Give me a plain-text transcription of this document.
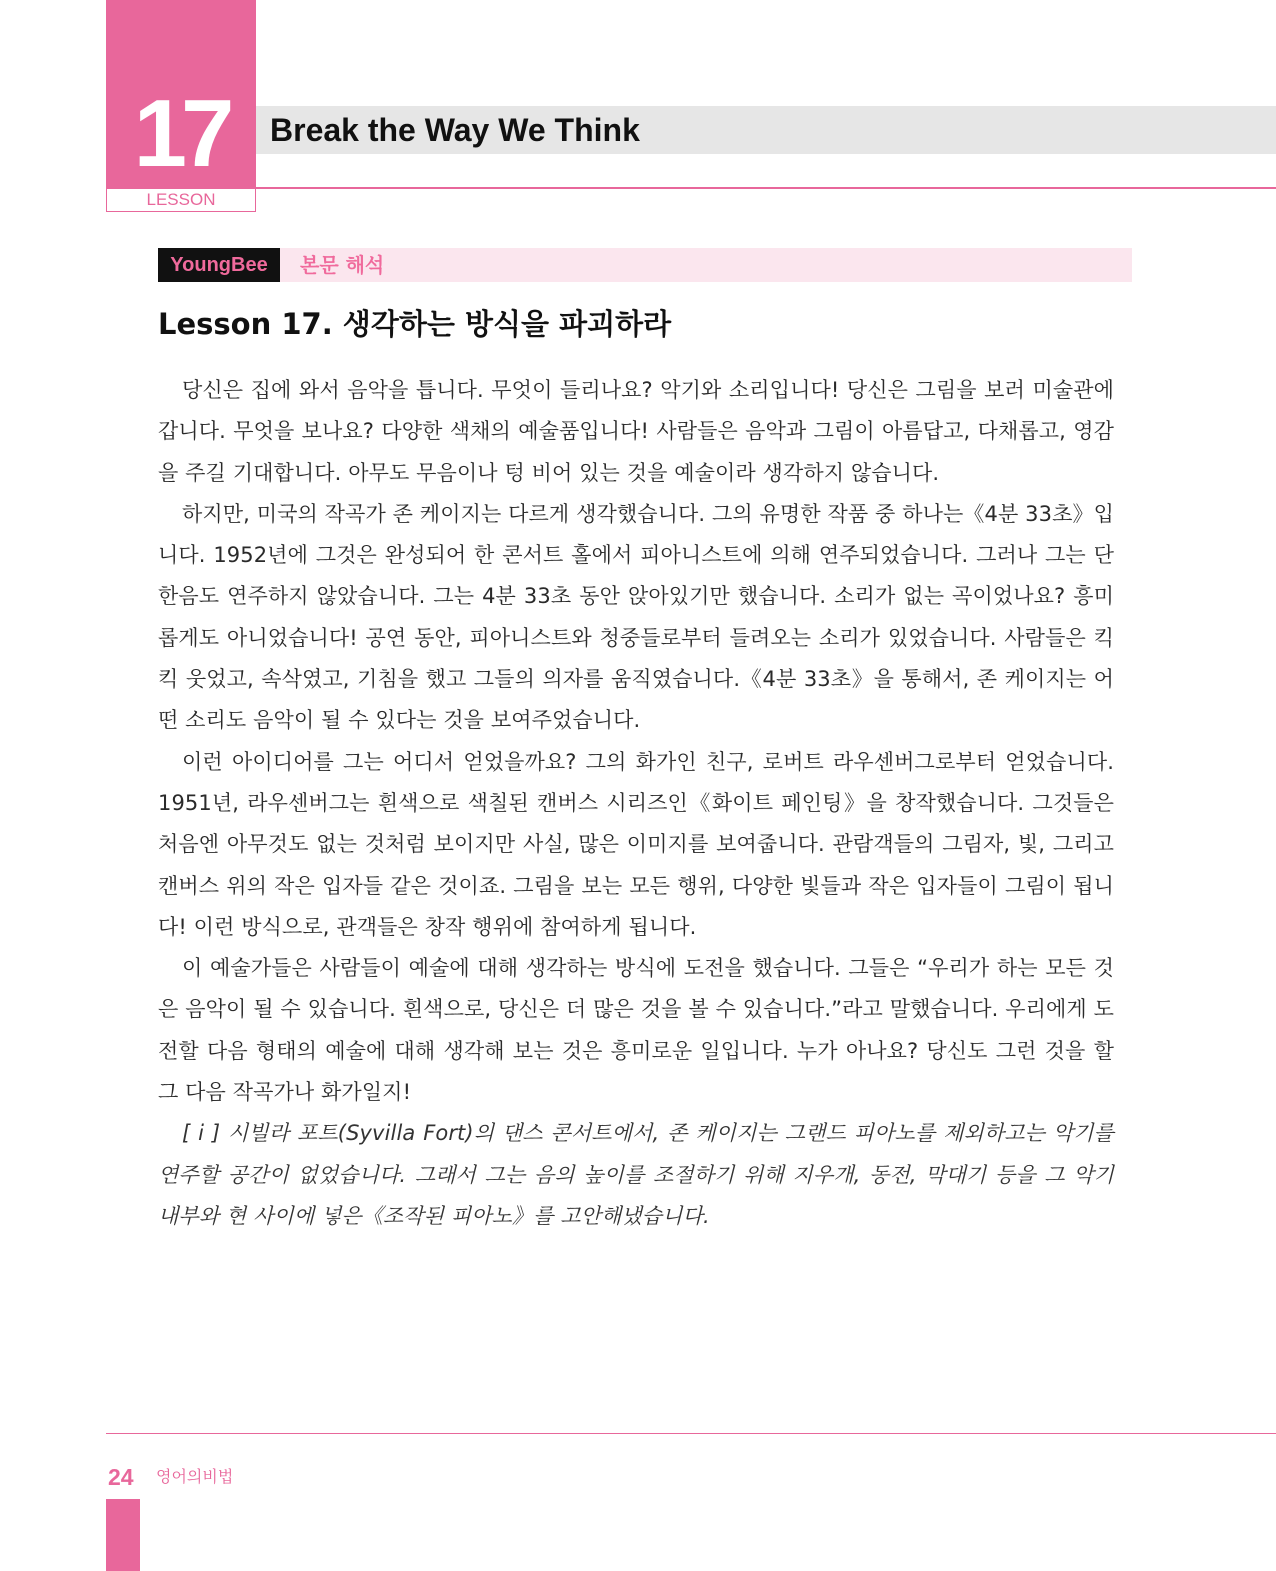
17
LESSON
Break the Way We Think
YoungBee	본문 해석
Lesson 17. 생각하는 방식을 파괴하라

당신은 집에 와서 음악을 틉니다. 무엇이 들리나요? 악기와 소리입니다! 당신은 그림을 보러 미술관에 갑니다. 무엇을 보나요? 다양한 색채의 예술품입니다! 사람들은 음악과 그림이 아름답고, 다채롭고, 영감을 주길 기대합니다. 아무도 무음이나 텅 비어 있는 것을 예술이라 생각하지 않습니다.

하지만, 미국의 작곡가 존 케이지는 다르게 생각했습니다. 그의 유명한 작품 중 하나는《4분 33초》입니다. 1952년에 그것은 완성되어 한 콘서트 홀에서 피아니스트에 의해 연주되었습니다. 그러나 그는 단 한음도 연주하지 않았습니다. 그는 4분 33초 동안 앉아있기만 했습니다. 소리가 없는 곡이었나요? 흥미롭게도 아니었습니다! 공연 동안, 피아니스트와 청중들로부터 들려오는 소리가 있었습니다. 사람들은 킥킥 웃었고, 속삭였고, 기침을 했고 그들의 의자를 움직였습니다.《4분 33초》을 통해서, 존 케이지는 어떤 소리도 음악이 될 수 있다는 것을 보여주었습니다.

이런 아이디어를 그는 어디서 얻었을까요? 그의 화가인 친구, 로버트 라우센버그로부터 얻었습니다. 1951년, 라우센버그는 흰색으로 색칠된 캔버스 시리즈인《화이트 페인팅》을 창작했습니다. 그것들은 처음엔 아무것도 없는 것처럼 보이지만 사실, 많은 이미지를 보여줍니다. 관람객들의 그림자, 빛, 그리고 캔버스 위의 작은 입자들 같은 것이죠. 그림을 보는 모든 행위, 다양한 빛들과 작은 입자들이 그림이 됩니다! 이런 방식으로, 관객들은 창작 행위에 참여하게 됩니다.

이 예술가들은 사람들이 예술에 대해 생각하는 방식에 도전을 했습니다. 그들은 “우리가 하는 모든 것 은 음악이 될 수 있습니다. 흰색으로, 당신은 더 많은 것을 볼 수 있습니다.”라고 말했습니다. 우리에게 도전할 다음 형태의 예술에 대해 생각해 보는 것은 흥미로운 일입니다. 누가 아나요? 당신도 그런 것을 할 그 다음 작곡가나 화가일지!

[ i ] 시빌라 포트(Syvilla Fort)의 댄스 콘서트에서, 존 케이지는 그랜드 피아노를 제외하고는 악기를 연주할 공간이 없었습니다. 그래서 그는 음의 높이를 조절하기 위해 지우개, 동전, 막대기 등을 그 악기 내부와 현 사이에 넣은《조작된 피아노》를 고안해냈습니다.

24 영어의비법
